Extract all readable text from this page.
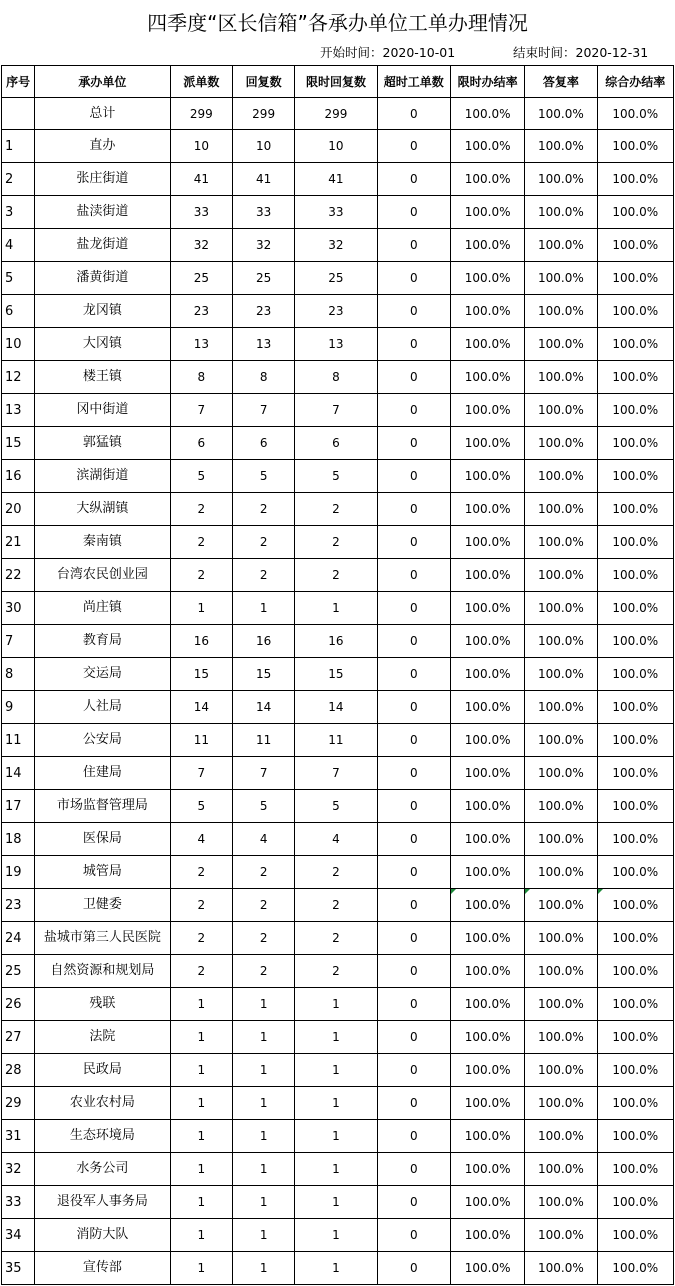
四季度“区长信箱”各承办单位工单办理情况
开始时间：2020-10-01	结束时间：2020-12-31
序号	承办单位	派单数	回复数	限时回复数	超时工单数	限时办结率	答复率	综合办结率
	总计	299	299	299	0	100.0%	100.0%	100.0%
1	直办	10	10	10	0	100.0%	100.0%	100.0%
2	张庄街道	41	41	41	0	100.0%	100.0%	100.0%
3	盐渎街道	33	33	33	0	100.0%	100.0%	100.0%
4	盐龙街道	32	32	32	0	100.0%	100.0%	100.0%
5	潘黄街道	25	25	25	0	100.0%	100.0%	100.0%
6	龙冈镇	23	23	23	0	100.0%	100.0%	100.0%
10	大冈镇	13	13	13	0	100.0%	100.0%	100.0%
12	楼王镇	8	8	8	0	100.0%	100.0%	100.0%
13	冈中街道	7	7	7	0	100.0%	100.0%	100.0%
15	郭猛镇	6	6	6	0	100.0%	100.0%	100.0%
16	滨湖街道	5	5	5	0	100.0%	100.0%	100.0%
20	大纵湖镇	2	2	2	0	100.0%	100.0%	100.0%
21	秦南镇	2	2	2	0	100.0%	100.0%	100.0%
22	台湾农民创业园	2	2	2	0	100.0%	100.0%	100.0%
30	尚庄镇	1	1	1	0	100.0%	100.0%	100.0%
7	教育局	16	16	16	0	100.0%	100.0%	100.0%
8	交运局	15	15	15	0	100.0%	100.0%	100.0%
9	人社局	14	14	14	0	100.0%	100.0%	100.0%
11	公安局	11	11	11	0	100.0%	100.0%	100.0%
14	住建局	7	7	7	0	100.0%	100.0%	100.0%
17	市场监督管理局	5	5	5	0	100.0%	100.0%	100.0%
18	医保局	4	4	4	0	100.0%	100.0%	100.0%
19	城管局	2	2	2	0	100.0%	100.0%	100.0%
23	卫健委	2	2	2	0	100.0%	100.0%	100.0%
24	盐城市第三人民医院	2	2	2	0	100.0%	100.0%	100.0%
25	自然资源和规划局	2	2	2	0	100.0%	100.0%	100.0%
26	残联	1	1	1	0	100.0%	100.0%	100.0%
27	法院	1	1	1	0	100.0%	100.0%	100.0%
28	民政局	1	1	1	0	100.0%	100.0%	100.0%
29	农业农村局	1	1	1	0	100.0%	100.0%	100.0%
31	生态环境局	1	1	1	0	100.0%	100.0%	100.0%
32	水务公司	1	1	1	0	100.0%	100.0%	100.0%
33	退役军人事务局	1	1	1	0	100.0%	100.0%	100.0%
34	消防大队	1	1	1	0	100.0%	100.0%	100.0%
35	宣传部	1	1	1	0	100.0%	100.0%	100.0%
